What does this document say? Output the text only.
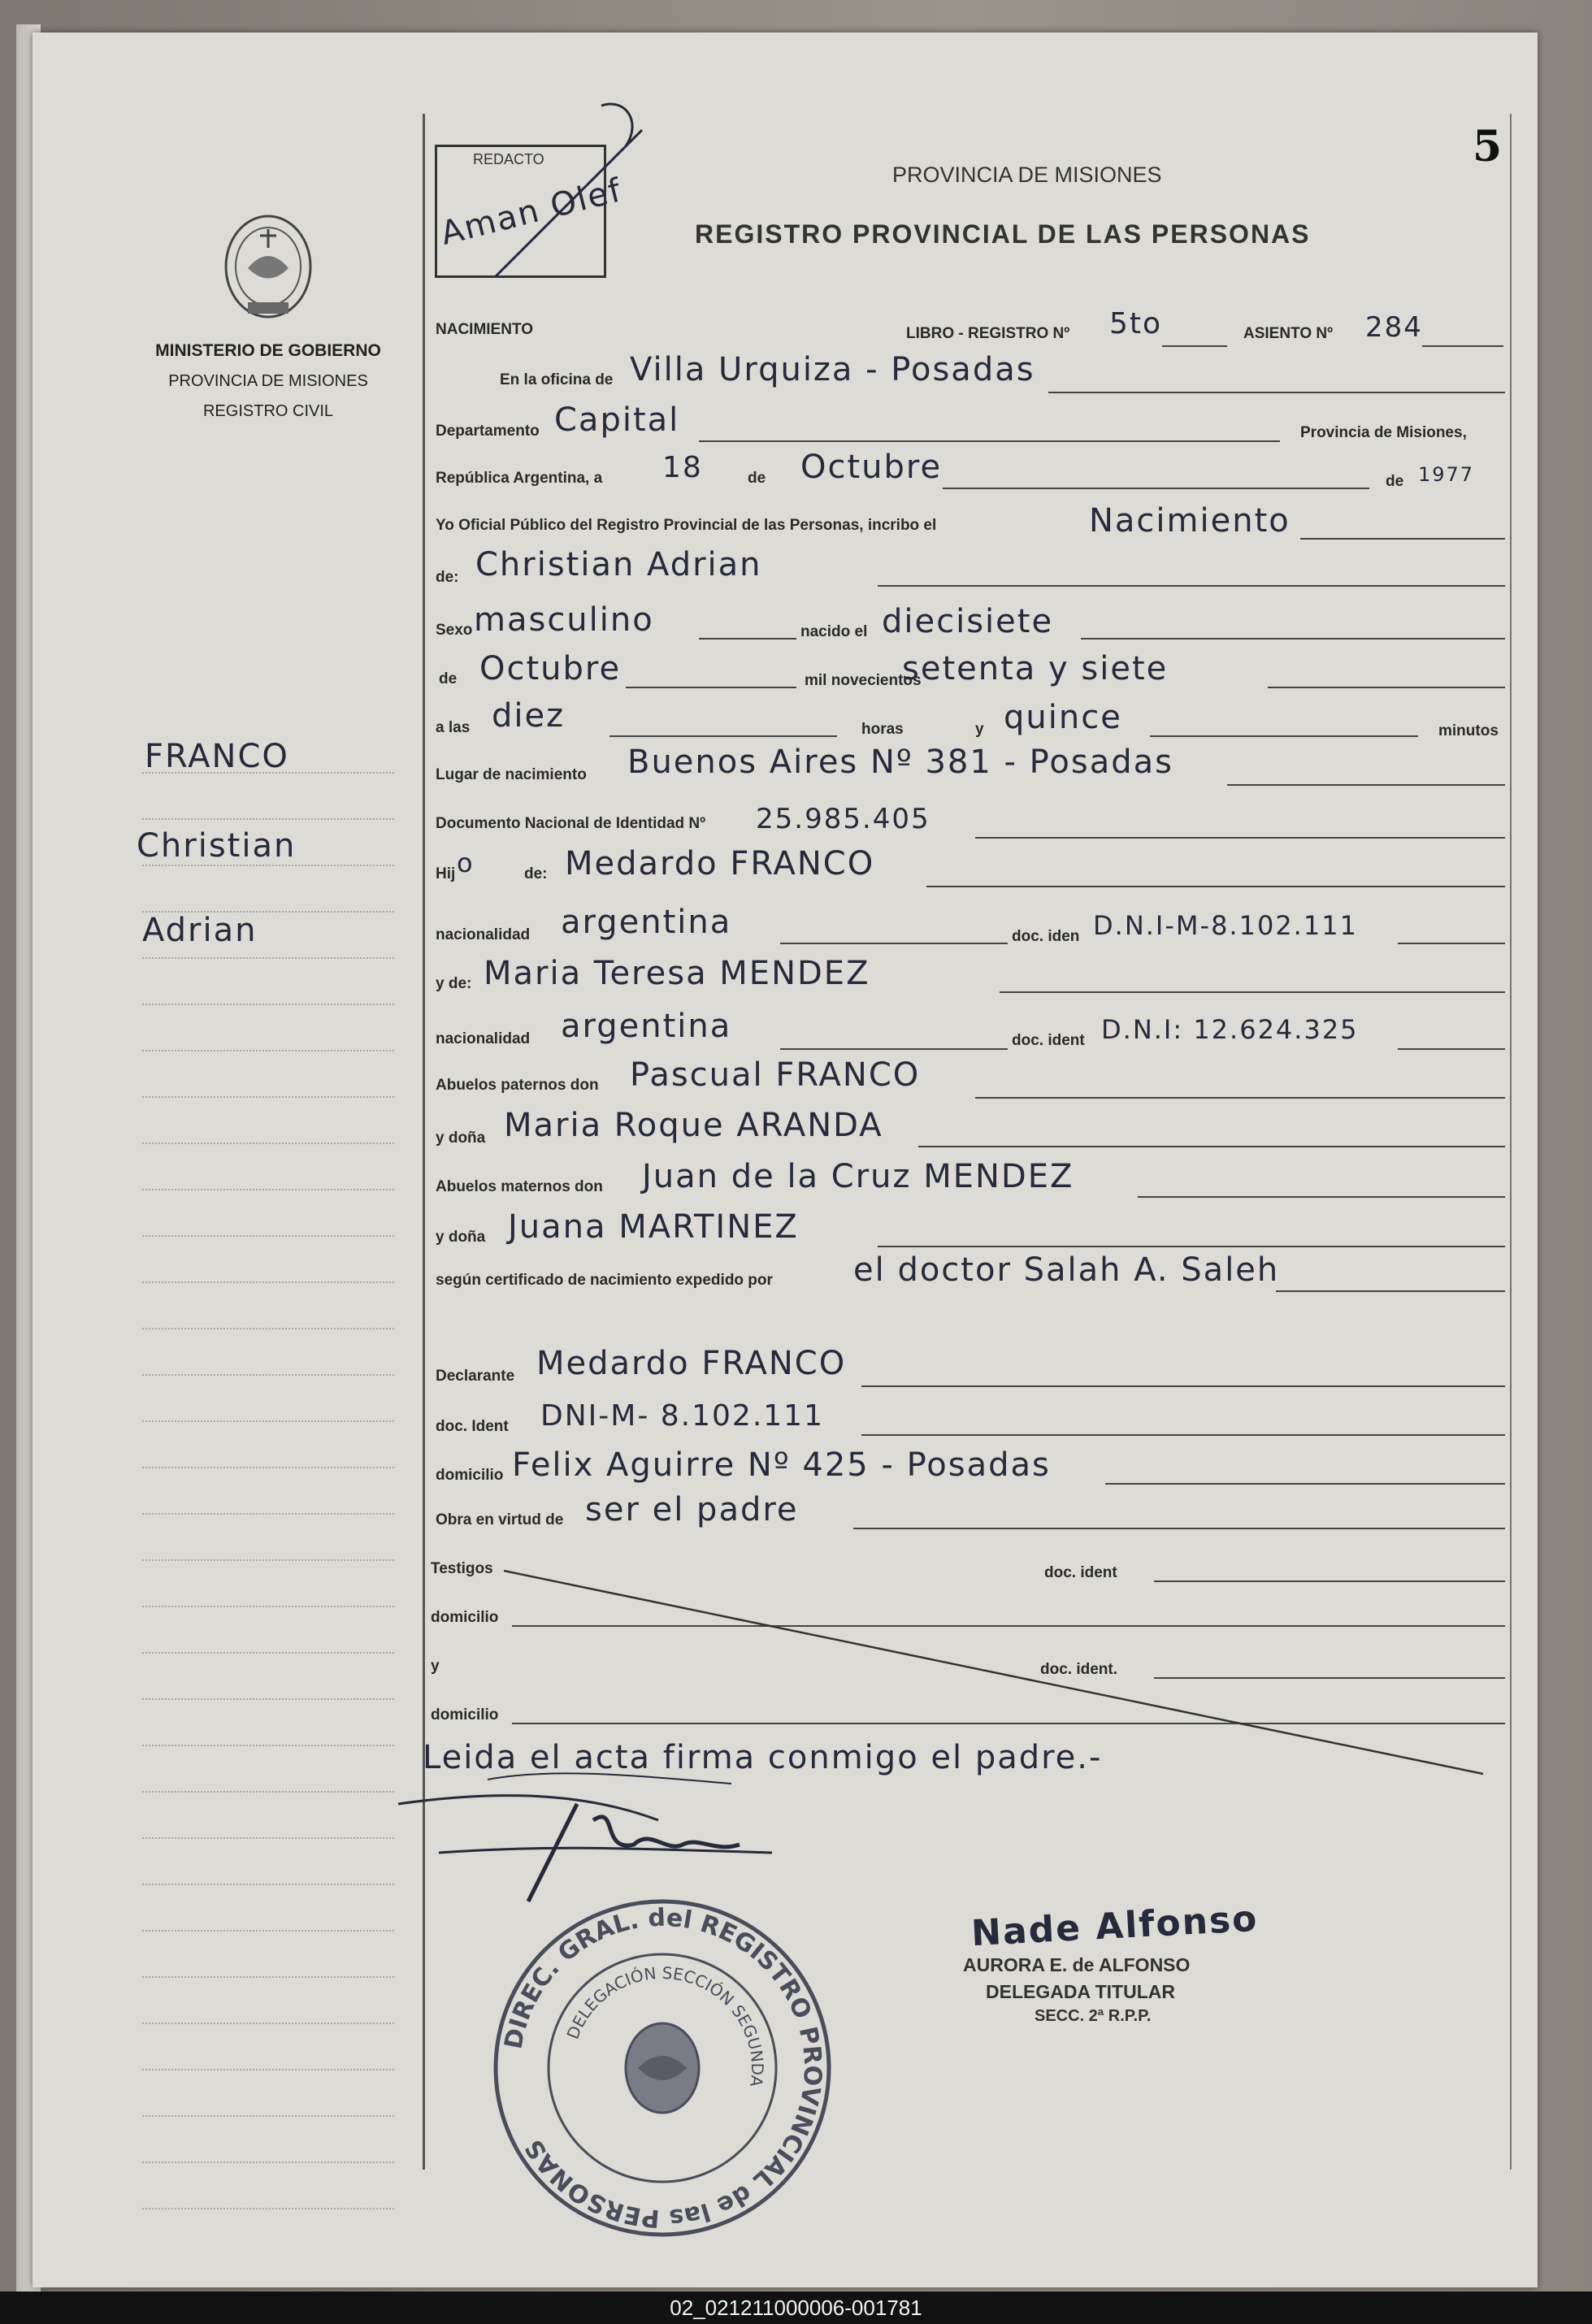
5
REDACTO
Aman Olef	PROVINCIA DE MISIONES
REGISTRO PROVINCIAL DE LAS PERSONAS
MINISTERIO DE GOBIERNO
PROVINCIA DE MISIONES
REGISTRO CIVIL
FRANCO
Christian
Adrian
NACIMIENTO	LIBRO - REGISTRO Nº 5to	ASIENTO Nº 284
En la oficina de Villa Urquiza - Posadas
Departamento Capital	Provincia de Misiones,
República Argentina, a 18	de Octubre	de 1977
Yo Oficial Público del Registro Provincial de las Personas, incribo el	Nacimiento
de: Christian Adrian
Sexo masculino	nacido el diecisiete
de Octubre	mil novecientos
setenta y siete
a las diez	horas	y quince	minutos
Lugar de nacimiento Buenos Aires Nº 381 - Posadas
Documento Nacional de Identidad Nº 25.985.405
Hij o	de: Medardo FRANCO
nacionalidad argentina	doc. iden D.N.I-M-8.102.111
y de: Maria Teresa MENDEZ
nacionalidad argentina	doc. ident D.N.I: 12.624.325
Abuelos paternos don Pascual FRANCO
y doña Maria Roque ARANDA
Abuelos maternos don Juan de la Cruz MENDEZ
y doña Juana MARTINEZ
según certificado de nacimiento expedido por el doctor Salah A. Saleh
Declarante Medardo FRANCO
doc. Ident DNI-M- 8.102.111
domicilio Felix Aguirre Nº 425 - Posadas
Obra en virtud de ser el padre
Testigos	doc. ident
domicilio
y	doc. ident.
domicilio
Leida el acta firma conmigo el padre.-
Nade Alfonso
AURORA E. de ALFONSO
DELEGADA TITULAR
SECC. 2ª R.P.P.
DIREC. GRAL. del REGISTRO PROVINCIAL de las PERSONAS
DELEGACIÓN SECCIÓN SEGUNDA
02_021211000006-001781
